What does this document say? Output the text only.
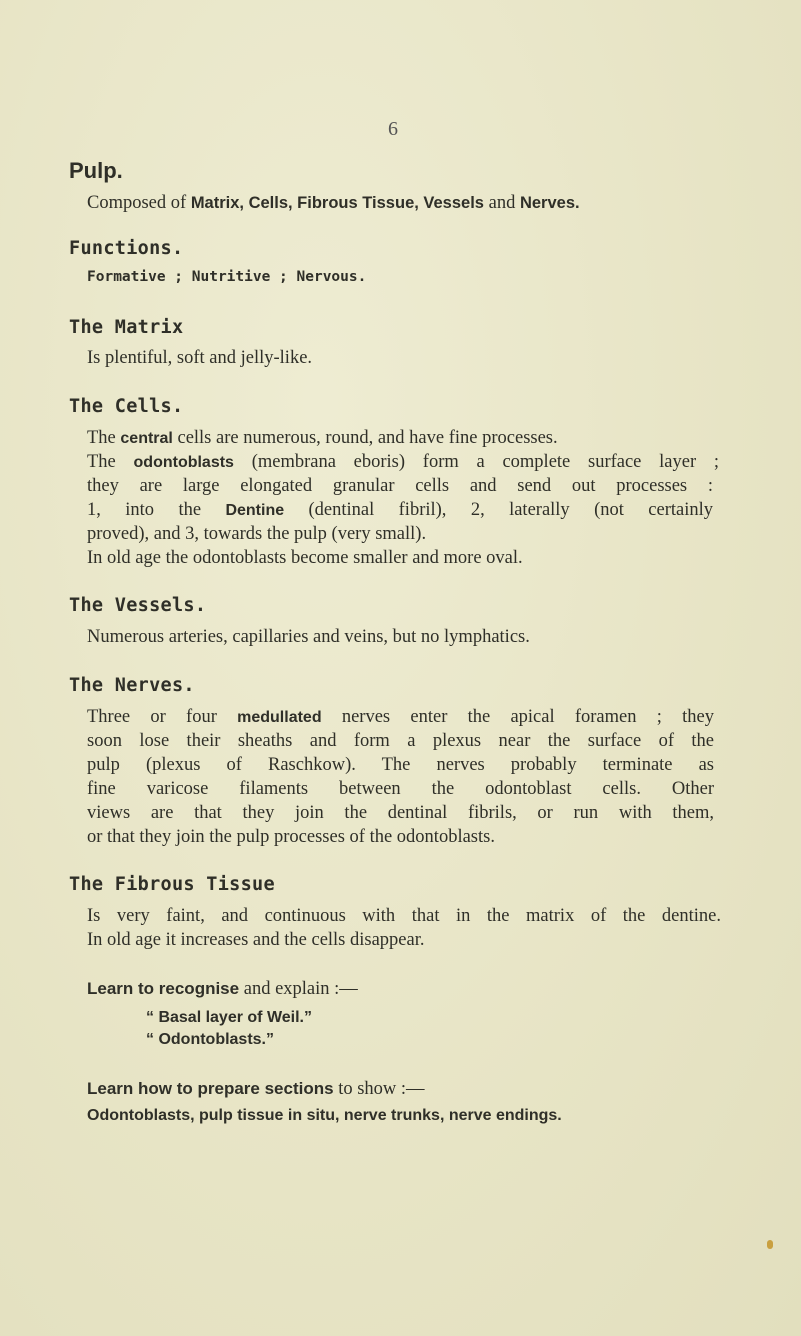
6
Pulp.
Composed of Matrix, Cells, Fibrous Tissue, Vessels and Nerves.
Functions.
Formative ; Nutritive ; Nervous.
The Matrix
Is plentiful, soft and jelly-like.
The Cells.
The central cells are numerous, round, and have fine processes.
The odontoblasts (membrana eboris) form a complete surface layer ;
they are large elongated granular cells and send out processes :
1, into the Dentine (dentinal fibril), 2, laterally (not certainly
proved), and 3, towards the pulp (very small).
In old age the odontoblasts become smaller and more oval.
The Vessels.
Numerous arteries, capillaries and veins, but no lymphatics.
The Nerves.
Three or four medullated nerves enter the apical foramen ; they
soon lose their sheaths and form a plexus near the surface of the
pulp (plexus of Raschkow). The nerves probably terminate as
fine varicose filaments between the odontoblast cells. Other
views are that they join the dentinal fibrils, or run with them,
or that they join the pulp processes of the odontoblasts.
The Fibrous Tissue
Is very faint, and continuous with that in the matrix of the dentine.
In old age it increases and the cells disappear.
Learn to recognise and explain :—
“ Basal layer of Weil.”
“ Odontoblasts.”
Learn how to prepare sections to show :—
Odontoblasts, pulp tissue in situ, nerve trunks, nerve endings.
